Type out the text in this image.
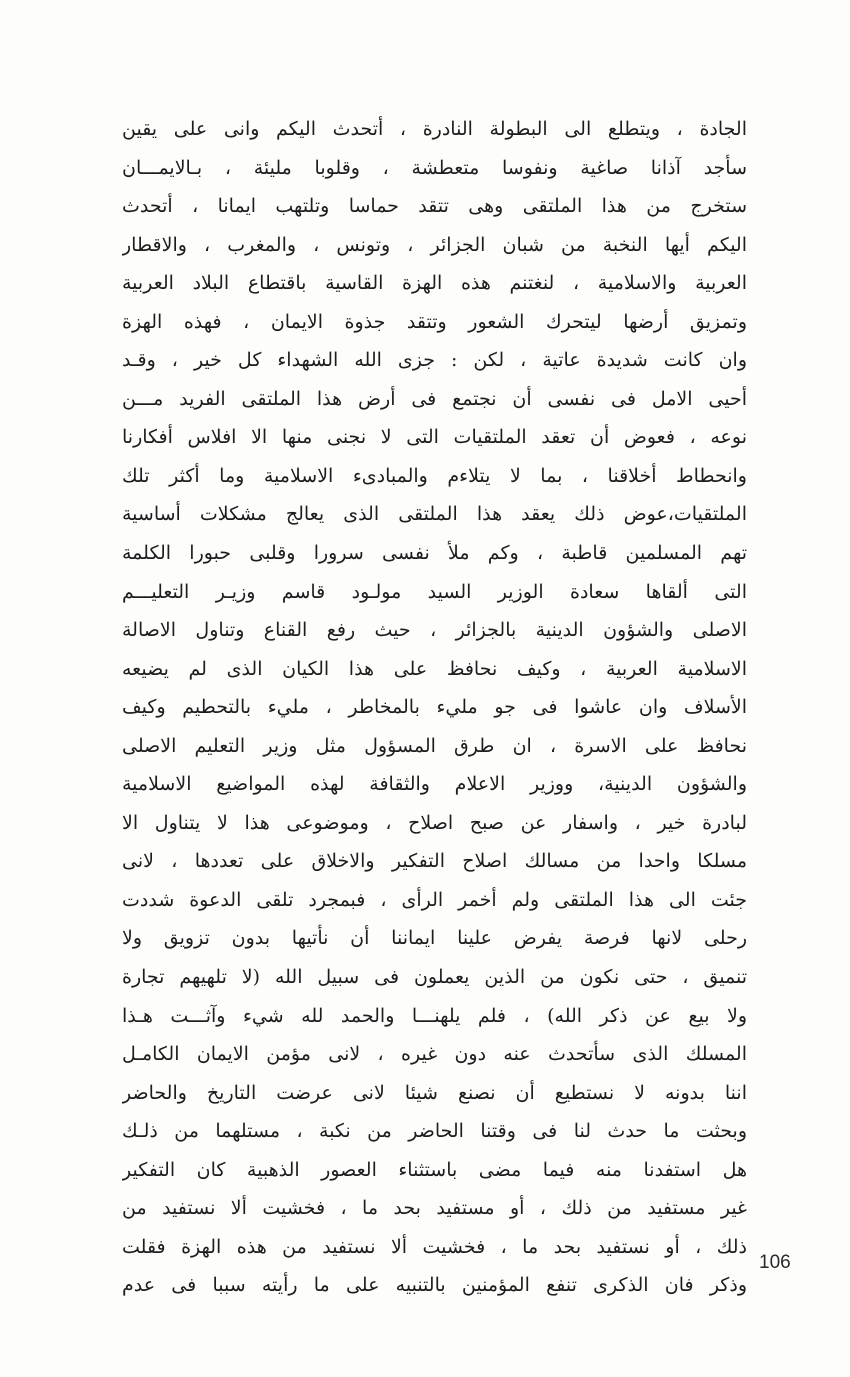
الجادة ، ويتطلع الى البطولة النادرة ، أتحدث اليكم وانى على يقين
سأجد آذانا صاغية ونفوسا متعطشة ، وقلوبا مليئة ، بـالايمـــان
ستخرج من هذا الملتقى وهى تتقد حماسا وتلتهب ايمانا ، أتحدث
اليكم أيها النخبة من شبان الجزائر ، وتونس ، والمغرب ، والاقطار
العربية والاسلامية ، لنغتنم هذه الهزة القاسية باقتطاع البلاد العربية
وتمزيق أرضها ليتحرك الشعور وتتقد جذوة الايمان ، فهذه الهزة
وان كانت شديدة عاتية ، لكن : جزى الله الشهداء كل خير ، وقـد
أحيى الامل فى نفسى أن نجتمع فى أرض هذا الملتقى الفريد مـــن
نوعه ، فعوض أن تعقد الملتقيات التى لا نجنى منها الا افلاس أفكارنا
وانحطاط أخلاقنا ، بما لا يتلاءم والمبادىء الاسلامية وما أكثر تلك
الملتقيات،عوض ذلك يعقد هذا الملتقى الذى يعالج مشكلات أساسية
تهم المسلمين قاطبة ، وكم ملأ نفسى سرورا وقلبى حبورا الكلمة
التى ألقاها سعادة الوزير السيد مولـود قاسم وزيـر التعليـــم
الاصلى والشؤون الدينية بالجزائر ، حيث رفع القناع وتناول الاصالة
الاسلامية العربية ، وكيف نحافظ على هذا الكيان الذى لم يضيعه
الأسلاف وان عاشوا فى جو مليء بالمخاطر ، مليء بالتحطيم وكيف
نحافظ على الاسرة ، ان طرق المسؤول مثل وزير التعليم الاصلى
والشؤون الدينية، ووزير الاعلام والثقافة لهذه المواضيع الاسلامية
لبادرة خير ، واسفار عن صبح اصلاح ، وموضوعى هذا لا يتناول الا
مسلكا واحدا من مسالك اصلاح التفكير والاخلاق على تعددها ، لانى
جئت الى هذا الملتقى ولم أخمر الرأى ، فبمجرد تلقى الدعوة شددت
رحلى لانها فرصة يفرض علينا ايماننا أن نأتيها بدون تزويق ولا
تنميق ، حتى نكون من الذين يعملون فى سبيل الله (لا تلهيهم تجارة
ولا بيع عن ذكر الله) ، فلم يلهنـــا والحمد لله شيء وآثـــت هـذا
المسلك الذى سأتحدث عنه دون غيره ، لانى مؤمن الايمان الكامـل
اننا بدونه لا نستطيع أن نصنع شيئا لانى عرضت التاريخ والحاضر
وبحثت ما حدث لنا فى وقتنا الحاضر من نكبة ، مستلهما من ذلـك
هل استفدنا منه فيما مضى باستثناء العصور الذهبية كان التفكير
غير مستفيد من ذلك ، أو مستفيد بحد ما ، فخشيت ألا نستفيد من
ذلك ، أو نستفيد بحد ما ، فخشيت ألا نستفيد من هذه الهزة فقلت
وذكر فان الذكرى تنفع المؤمنين بالتنبيه على ما رأيته سببا فى عدم
106
